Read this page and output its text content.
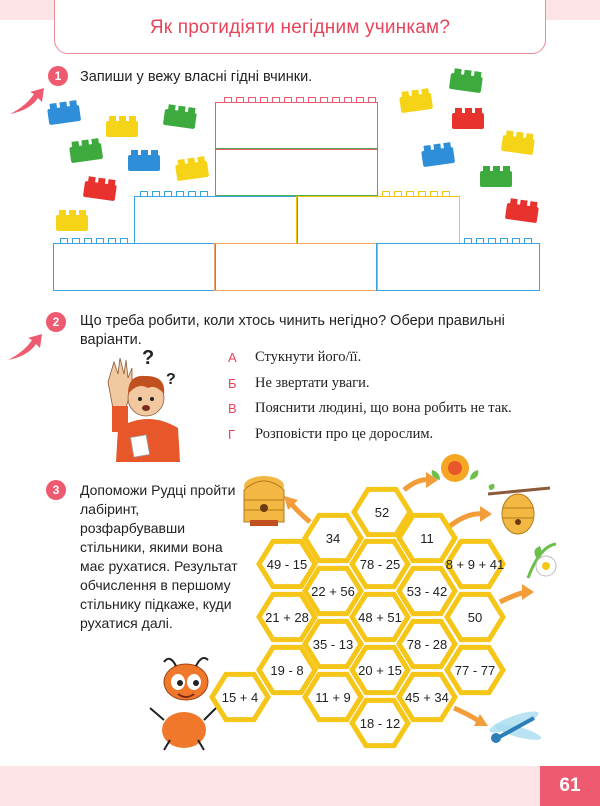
Як протидіяти негідним учинкам?
1	Запиши у вежу власні гідні вчинки.
2	Що треба робити, коли хтось чинить негідно? Обери правильні варіанти.
?
?
А	Стукнути його/її.
Б	Не звертати уваги.
В	Пояснити людині, що вона робить не так.
Г	Розповісти про це дорослим.
3	Допоможи Рудці пройти лабіринт, розфарбувавши стільники, якими вона має рухатися. Результат обчислення в першому стільнику підкаже, куди рухатися далі.
52
34	11
49 - 15	78 - 25	8 + 9 + 41
22 + 56	53 - 42
21 + 28	48 + 51	50
35 - 13	78 - 28
19 - 8	20 + 15	77 - 77
15 + 4	11 + 9	45 + 34
18 - 12
61
